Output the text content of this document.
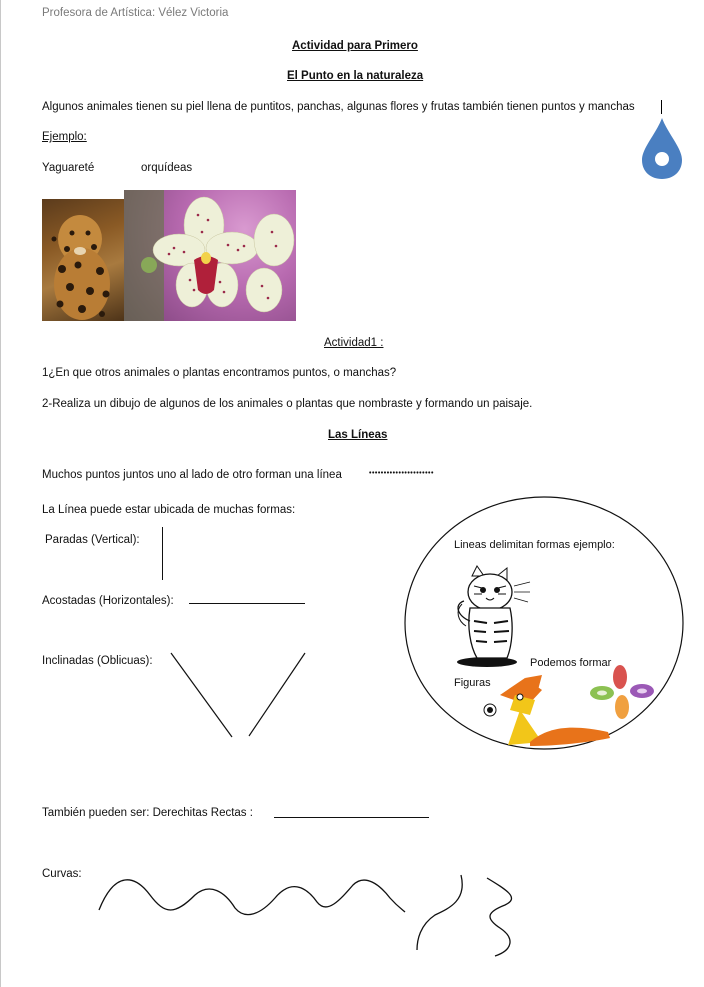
Profesora de Artística: Vélez Victoria
Actividad para Primero
El Punto en la naturaleza
Algunos animales tienen su piel llena de puntitos, panchas, algunas flores y frutas también tienen puntos y manchas
Ejemplo:
Yaguareté	orquídeas
Actividad1 :
1¿En que otros animales o plantas encontramos puntos, o manchas?
2-Realiza un dibujo de algunos de los animales o plantas que nombraste y formando un paisaje.
Las Líneas
Muchos puntos juntos uno al lado de otro forman una línea	••••••••••••••••••••••
La Línea puede estar ubicada de muchas formas:
Paradas (Vertical):
Acostadas (Horizontales):
Inclinadas (Oblicuas):
También pueden ser: Derechitas Rectas :
Curvas:
Lineas delimitan formas ejemplo:
Podemos formar
Figuras
